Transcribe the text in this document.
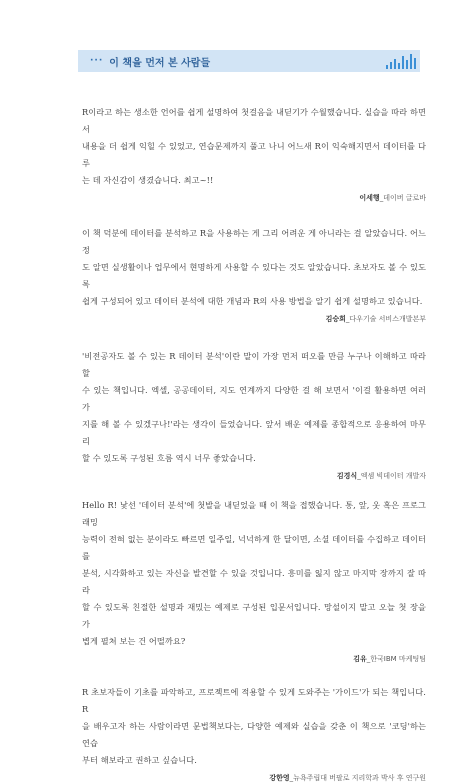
··· 이 책을 먼저 본 사람들

R이라고 하는 생소한 언어를 쉽게 설명하여 첫걸음을 내딛기가 수월했습니다. 실습을 따라 하면서
내용을 더 쉽게 익힐 수 있었고, 연습문제까지 풀고 나니 어느새 R이 익숙해지면서 데이터를 다루
는 데 자신감이 생겼습니다. 최고~!!

이세행_데이버 글로바

이 책 덕분에 데이터를 분석하고 R을 사용하는 게 그리 어려운 게 아니라는 걸 알았습니다. 어느 정
도 알면 실생활이나 업무에서 현명하게 사용할 수 있다는 것도 알았습니다. 초보자도 볼 수 있도록
쉽게 구성되어 있고 데이터 분석에 대한 개념과 R의 사용 방법을 알기 쉽게 설명하고 있습니다.

김승희_다우기술 서비스개발본부

'비전공자도 볼 수 있는 R 데이터 분석'이란 말이 가장 먼저 떠오를 만큼 누구나 이해하고 따라 할
수 있는 책입니다. 엑셀, 공공데이터, 지도 연계까지 다양한 걸 해 보면서 '이걸 활용하면 여러 가
지를 해 볼 수 있겠구나!'라는 생각이 들었습니다. 앞서 배운 예제를 종합적으로 응용하여 마무리
할 수 있도록 구성된 흐름 역시 너무 좋았습니다.

김경식_엑셈 빅데이터 개발자

Hello R! 낯선 '데이터 분석'에 첫발을 내딛었을 때 이 책을 접했습니다. 통, 앞, 웃 혹은 프로그래밍
능력이 전혀 없는 분이라도 빠르면 일주일, 넉넉하게 한 달이면, 소셜 데이터를 수집하고 데이터를
분석, 시각화하고 있는 자신을 발견할 수 있을 것입니다. 흥미를 잃지 않고 마지막 장까지 잘 따라
할 수 있도록 친절한 설명과 재밌는 예제로 구성된 입문서입니다. 망설이지 말고 오늘 첫 장을 가
볍게 펼쳐 보는 건 어떨까요?

김유_한국IBM 마케팅팀

R 초보자들이 기초를 파악하고, 프로젝트에 적용할 수 있게 도와주는 '가이드'가 되는 책입니다. R
을 배우고자 하는 사람이라면 문법책보다는, 다양한 예제와 실습을 갖춘 이 책으로 '코딩'하는 연습
부터 해보라고 권하고 싶습니다.

강한영_뉴욕주립대 버팔로 지리학과 박사 후 연구원
